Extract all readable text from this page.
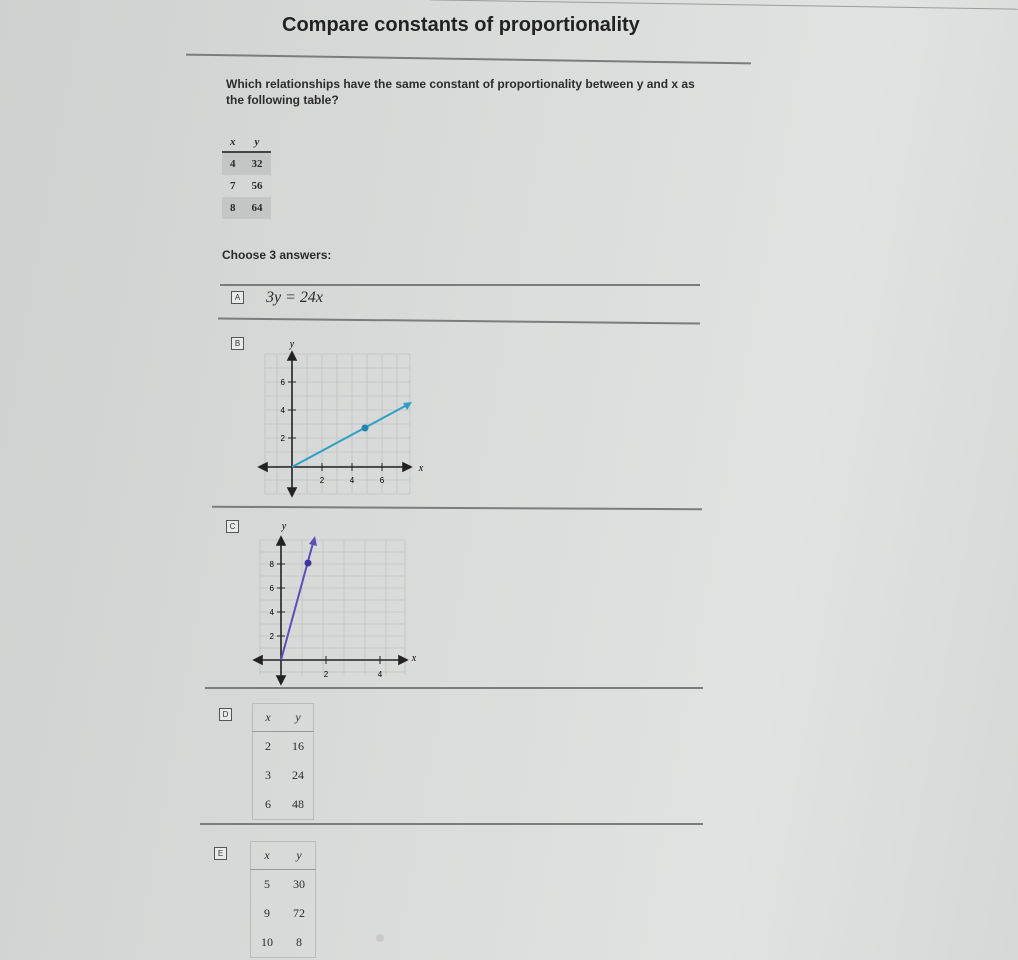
Compare constants of proportionality
Which relationships have the same constant of proportionality between y and x as the following table?
x	y
4	32
7	56
8	64
Choose 3 answers:
A 3y = 24x
B	y
x
6
4
2
2	4	6
C	y
x
8
6
4
2
2	4
D	x	y
2	16
3	24
6	48
E	x	y
5	30
9	72
10	8
